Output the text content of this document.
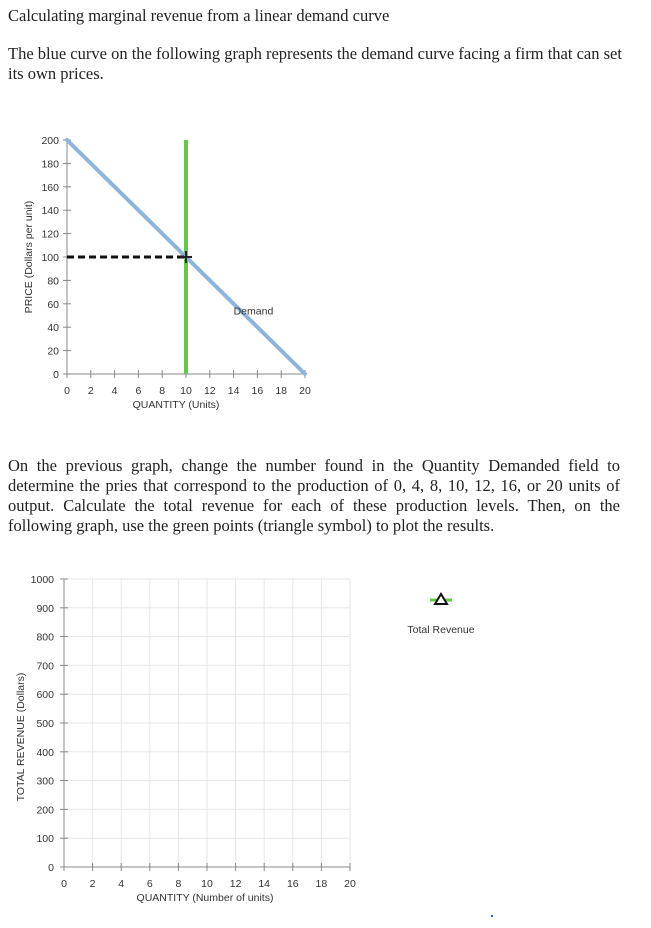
Calculating marginal revenue from a linear demand curve

The blue curve on the following graph represents the demand curve facing a firm that can set its own prices.

0
20
40
60
80
100
120
140
160
180
200
0 2 4 6 8 10 12 14 16 18 20
Demand
QUANTITY (Units)
PRICE (Dollars per unit)

On the previous graph, change the number found in the Quantity Demanded field to determine the pries that correspond to the production of 0, 4, 8, 10, 12, 16, or 20 units of output. Calculate the total revenue for each of these production levels. Then, on the following graph, use the green points (triangle symbol) to plot the results.

0
100
200
300
400
500
600
700
800
900
1000
0 2 4 6 8 10 12 14 16 18 20
Total Revenue
QUANTITY (Number of units)
TOTAL REVENUE (Dollars)
